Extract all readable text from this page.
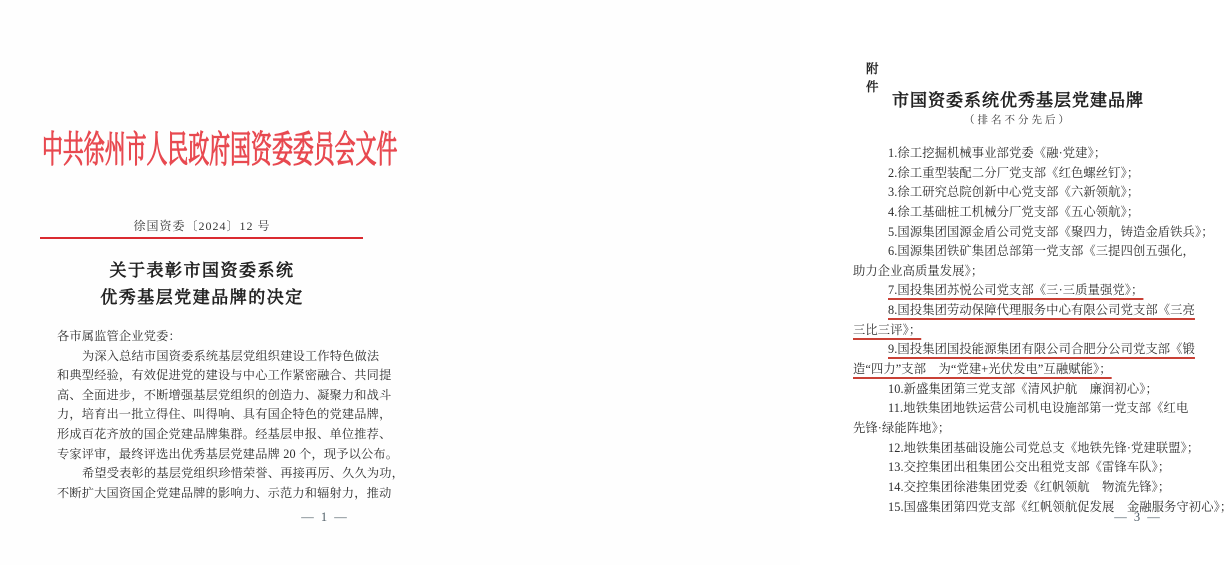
中共徐州市人民政府国资委委员会文件
徐国资委〔2024〕12 号
关于表彰市国资委系统
优秀基层党建品牌的决定
各市属监管企业党委：
为深入总结市国资委系统基层党组织建设工作特色做法
和典型经验，有效促进党的建设与中心工作紧密融合、共同提
高、全面进步，不断增强基层党组织的创造力、凝聚力和战斗
力，培育出一批立得住、叫得响、具有国企特色的党建品牌，
形成百花齐放的国企党建品牌集群。经基层申报、单位推荐、
专家评审，最终评选出优秀基层党建品牌 20 个，现予以公布。
希望受表彰的基层党组织珍惜荣誉、再接再厉、久久为功，
不断扩大国资国企党建品牌的影响力、示范力和辐射力，推动
— 1 —
附件
市国资委系统优秀基层党建品牌
（排名不分先后）
1.徐工挖掘机械事业部党委《融·党建》；
2.徐工重型装配二分厂党支部《红色螺丝钉》；
3.徐工研究总院创新中心党支部《六新领航》；
4.徐工基础桩工机械分厂党支部《五心领航》；
5.国源集团国源金盾公司党支部《聚四力，铸造金盾铁兵》；
6.国源集团铁矿集团总部第一党支部《三提四创五强化，
助力企业高质量发展》；
7.国投集团苏悦公司党支部《三·三质量强党》；
8.国投集团劳动保障代理服务中心有限公司党支部《三亮
三比三评》；
9.国投集团国投能源集团有限公司合肥分公司党支部《锻
造“四力”支部　为“党建+光伏发电”互融赋能》；
10.新盛集团第三党支部《清风护航　廉润初心》；
11.地铁集团地铁运营公司机电设施部第一党支部《红电
先锋·绿能阵地》；
12.地铁集团基础设施公司党总支《地铁先锋·党建联盟》；
13.交控集团出租集团公交出租党支部《雷锋车队》；
14.交控集团徐港集团党委《红帆领航　物流先锋》；
15.国盛集团第四党支部《红帆领航促发展　金融服务守初心》；
— 3 —
